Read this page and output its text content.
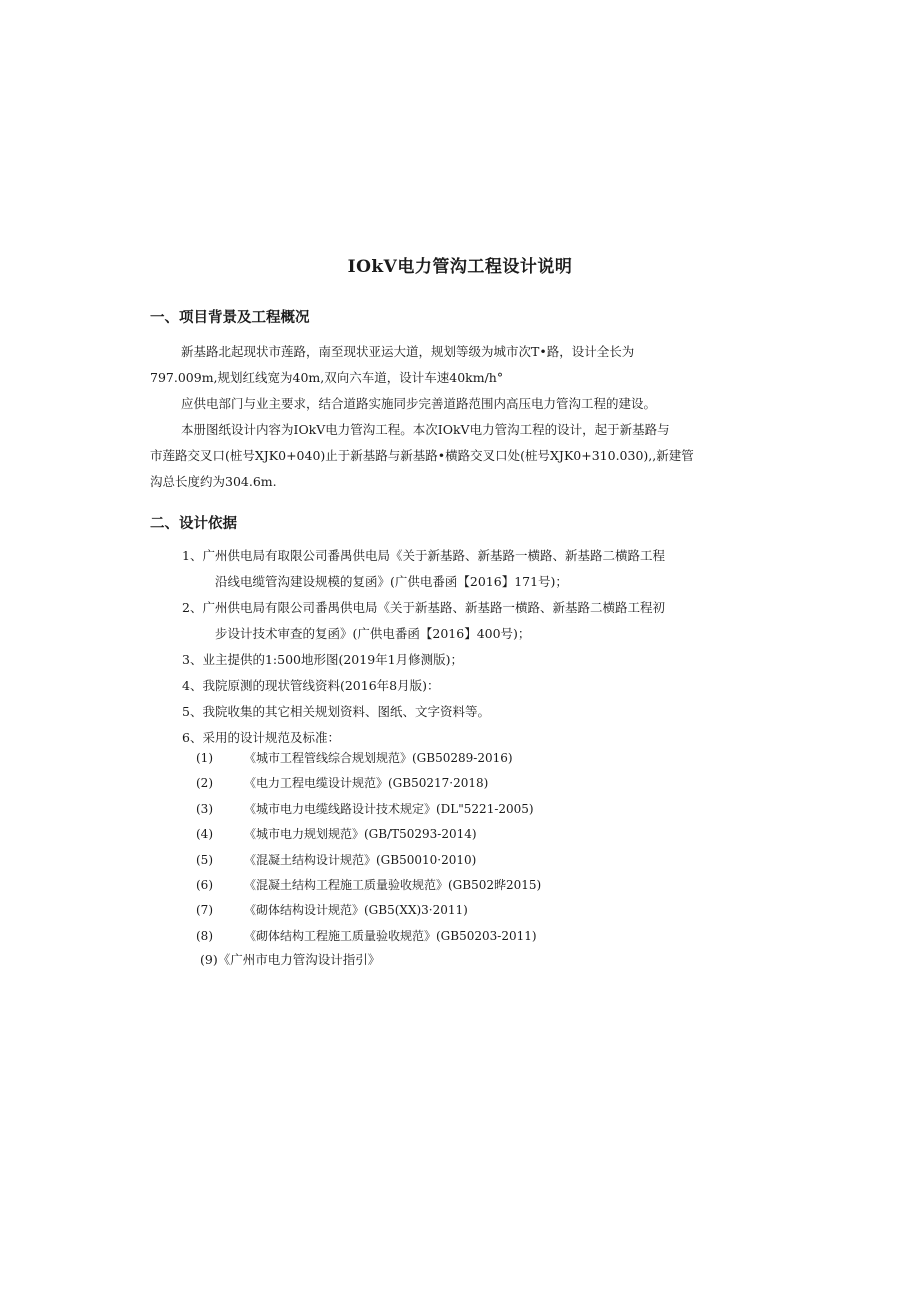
IOkV电力管沟工程设计说明
一、项目背景及工程概况
新基路北起现状市莲路，南至现状亚运大道，规划等级为城市次T•路，设计全长为
797.009m,规划红线宽为40m,双向六车道，设计车速40km/h°
应供电部门与业主要求，结合道路实施同步完善道路范围内高压电力管沟工程的建设。
本册图纸设计内容为IOkV电力管沟工程。本次IOkV电力管沟工程的设计，起于新基路与
市莲路交叉口(桩号XJK0+040)止于新基路与新基路•横路交叉口处(桩号XJK0+310.030),,新建管
沟总长度约为304.6m.
二、设计依据
1、广州供电局有取限公司番禺供电局《关于新基路、新基路一横路、新基路二横路工程
沿线电缆管沟建设规模的复函》(广供电番函【2016】171号)；
2、广州供电局有限公司番禺供电局《关于新基路、新基路一横路、新基路二横路工程初
步设计技术审查的复函》(广供电番函【2016】400号)；
3、业主提供的1:500地形图(2019年1月修测版)；
4、我院原测的现状管线资料(2016年8月版)：
5、我院收集的其它相关规划资料、图纸、文字资料等。
6、采用的设计规范及标准：
(1)	《城市工程管线综合规划规范》(GB50289-2016)
(2)	《电力工程电缆设计规范》(GB50217·2018)
(3)	《城市电力电缆线路设计技术规定》(DL"5221-2005)
(4)	《城市电力规划规范》(GB/T50293-2014)
(5)	《混凝土结构设计规范》(GB50010·2010)
(6)	《混凝土结构工程施工质量验收规范》(GB502晔2015)
(7)	《砌体结构设计规范》(GB5(XX)3·2011)
(8)	《砌体结构工程施工质量验收规范》(GB50203-2011)
(9)《广州市电力管沟设计指引》
